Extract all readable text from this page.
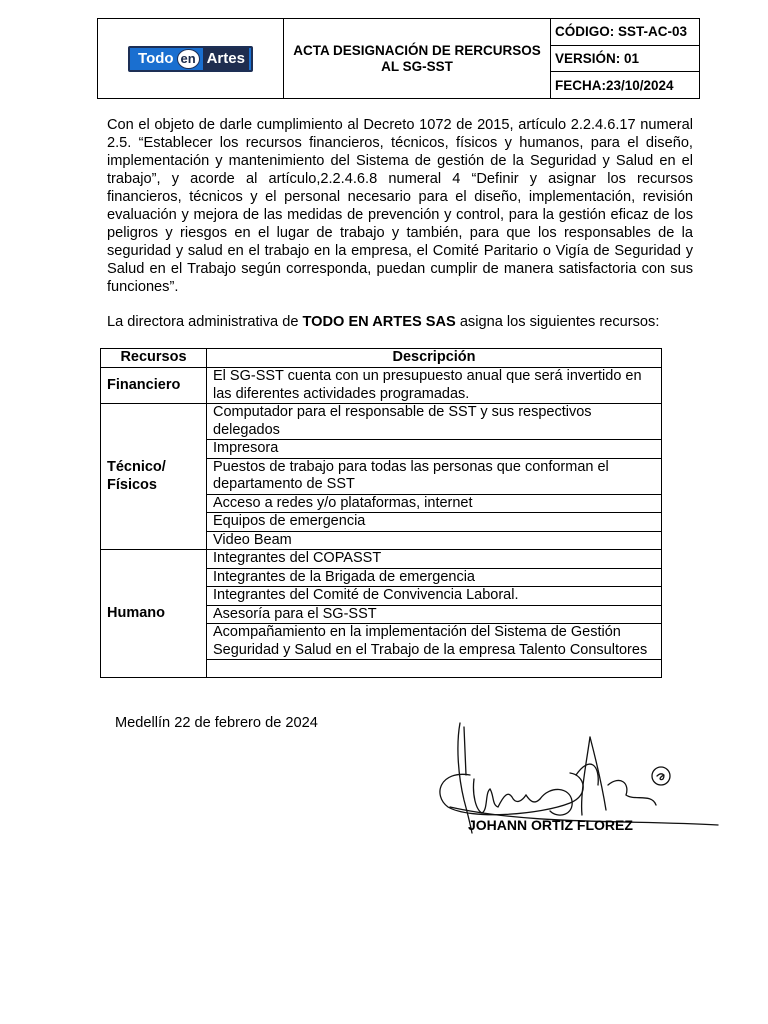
Todo en Artes	ACTA DESIGNACIÓN DE RERCURSOS AL SG-SST	CÓDIGO: SST-AC-03
VERSIÓN: 01
FECHA:23/10/2024
Con el objeto de darle cumplimiento al Decreto 1072 de 2015, artículo 2.2.4.6.17 numeral 2.5. “Establecer los recursos financieros, técnicos, físicos y humanos, para el diseño, implementación y mantenimiento del Sistema de gestión de la Seguridad y Salud en el trabajo”, y acorde al artículo,2.2.4.6.8 numeral 4 “Definir y asignar los recursos financieros, técnicos y el personal necesario para el diseño, implementación, revisión evaluación y mejora de las medidas de prevención y control, para la gestión eficaz de los peligros y riesgos en el lugar de trabajo y también, para que los responsables de la seguridad y salud en el trabajo en la empresa, el Comité Paritario o Vigía de Seguridad y Salud en el Trabajo según corresponda, puedan cumplir de manera satisfactoria con sus funciones”.
La directora administrativa de TODO EN ARTES SAS asigna los siguientes recursos:
Recursos	Descripción
Financiero	El SG-SST cuenta con un presupuesto anual que será invertido en las diferentes actividades programadas.
Técnico/ Físicos	Computador para el responsable de SST y sus respectivos delegados
	Impresora
	Puestos de trabajo para todas las personas que conforman el departamento de SST
	Acceso a redes y/o plataformas, internet
	Equipos de emergencia
	Video Beam
Humano	Integrantes del COPASST
	Integrantes de la Brigada de emergencia
	Integrantes del Comité de Convivencia Laboral.
	Asesoría para el SG-SST
	Acompañamiento en la implementación del Sistema de Gestión Seguridad y Salud en el Trabajo de la empresa Talento Consultores

Medellín 22 de febrero de 2024
JOHANN ORTIZ FLOREZ
